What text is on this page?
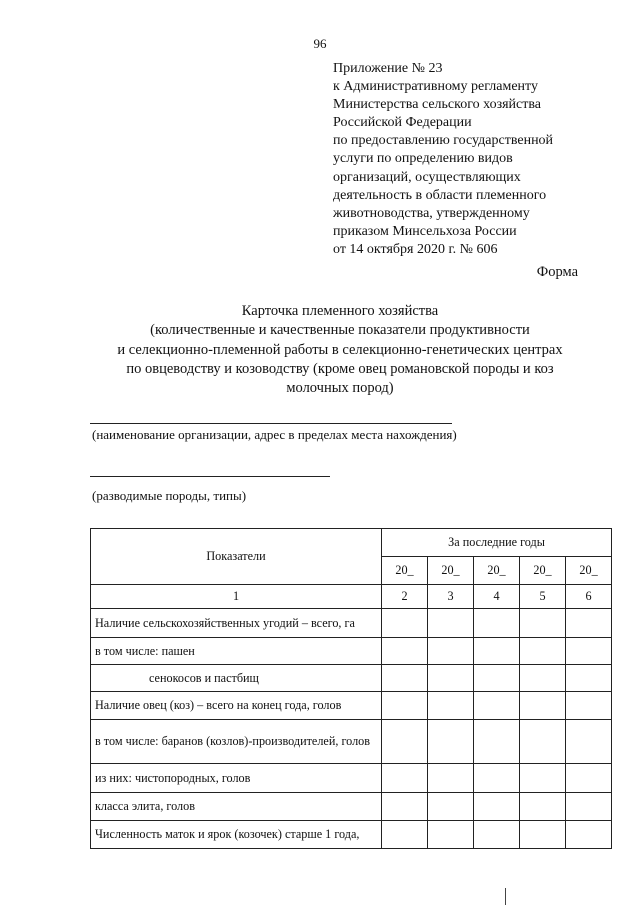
96
Приложение № 23
к Административному регламенту
Министерства сельского хозяйства
Российской Федерации
по предоставлению государственной
услуги по определению видов
организаций, осуществляющих
деятельность в области племенного
животноводства, утвержденному
приказом Минсельхоза России
от 14 октября 2020 г. № 606
Форма
Карточка племенного хозяйства
(количественные и качественные показатели продуктивности
и селекционно-племенной работы в селекционно-генетических центрах
по овцеводству и козоводству (кроме овец романовской породы и коз
молочных пород)
(наименование организации, адрес в пределах места нахождения)
(разводимые породы, типы)
Показатели	За последние годы				
	20_	20_	20_	20_	20_
1	2	3	4	5	6
Наличие сельскохозяйственных угодий – всего, га					
в том числе: пашен					
сенокосов и пастбищ					
Наличие овец (коз) – всего на конец года, голов					
в том числе: баранов (козлов)-производителей, голов					
из них: чистопородных, голов					
класса элита, голов					
Численность маток и ярок (козочек) старше 1 года,					
